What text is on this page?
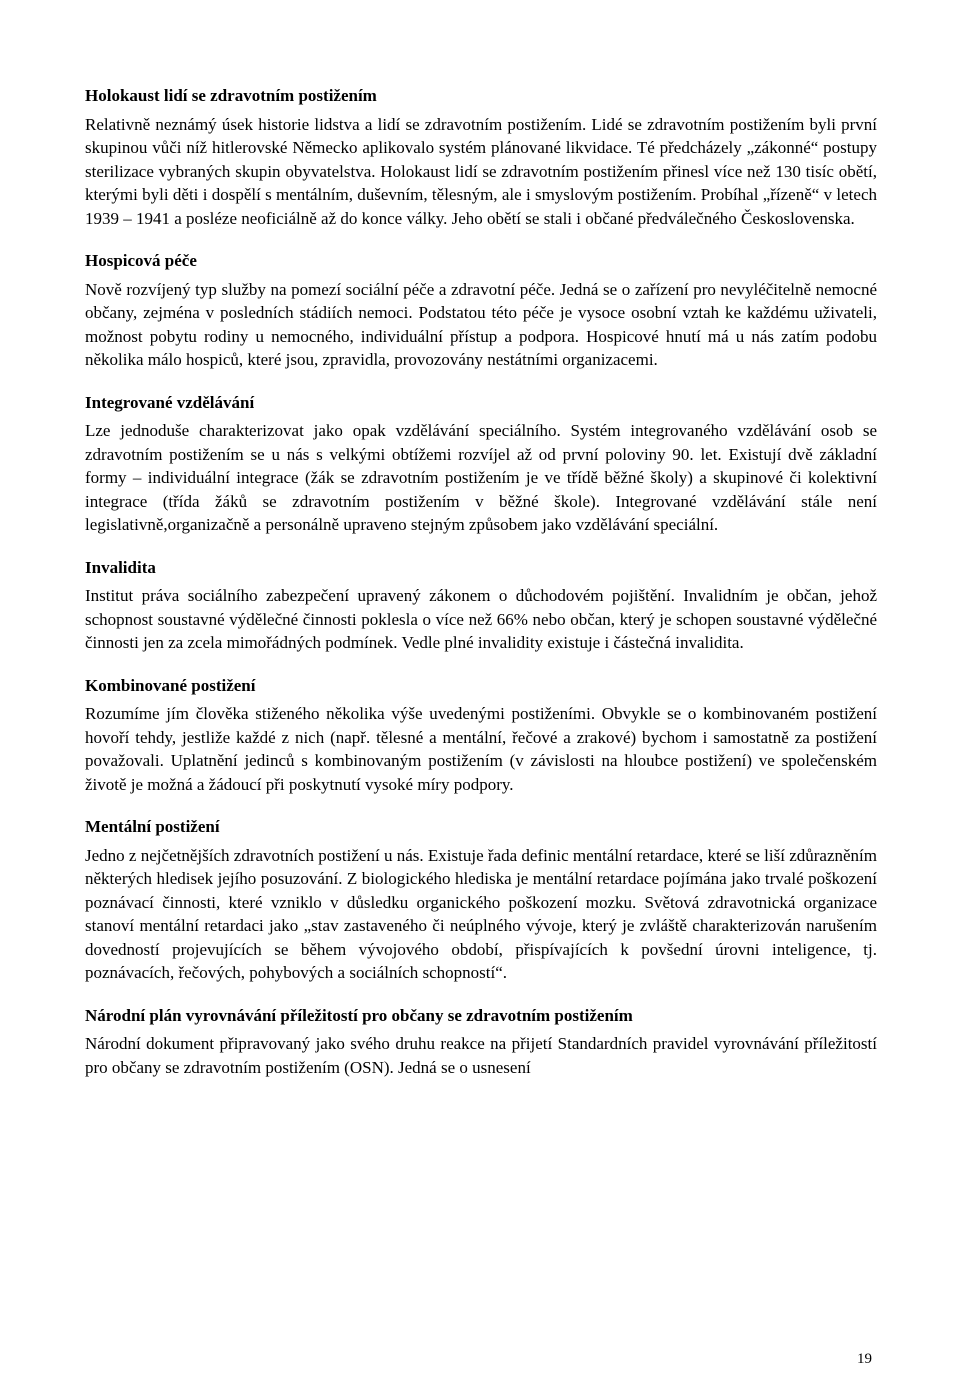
Holokaust lidí se zdravotním postižením

Relativně neznámý úsek historie lidstva a lidí se zdravotním postižením. Lidé se zdravotním postižením byli první skupinou vůči níž hitlerovské Německo aplikovalo systém plánované likvidace. Té předcházely „zákonné“ postupy sterilizace vybraných skupin obyvatelstva. Holokaust lidí se zdravotním postižením přinesl více než 130 tisíc obětí, kterými byli děti i dospělí s mentálním, duševním, tělesným, ale i smyslovým postižením. Probíhal „řízeně“ v letech 1939 – 1941 a posléze neoficiálně až do konce války. Jeho obětí se stali i občané předválečného Československa.

Hospicová péče

Nově rozvíjený typ služby na pomezí sociální péče a zdravotní péče. Jedná se o zařízení pro nevyléčitelně nemocné občany, zejména v posledních stádiích nemoci. Podstatou této péče je vysoce osobní vztah ke každému uživateli, možnost pobytu rodiny u nemocného, individuální přístup a podpora. Hospicové hnutí má u nás zatím podobu několika málo hospiců, které jsou, zpravidla, provozovány nestátními organizacemi.

Integrované vzdělávání

Lze jednoduše charakterizovat jako opak vzdělávání speciálního. Systém integrovaného vzdělávání osob se zdravotním postižením se u nás s velkými obtížemi rozvíjel až od první poloviny 90. let. Existují dvě základní formy – individuální integrace (žák se zdravotním postižením je ve třídě běžné školy) a skupinové či kolektivní integrace (třída žáků se zdravotním postižením v běžné škole). Integrované vzdělávání stále není legislativně,organizačně a personálně upraveno stejným způsobem jako vzdělávání speciální.

Invalidita

Institut práva sociálního zabezpečení upravený zákonem o důchodovém pojištění. Invalidním je občan, jehož schopnost soustavné výdělečné činnosti poklesla o více než 66% nebo občan, který je schopen soustavné výdělečné činnosti jen za zcela mimořádných podmínek. Vedle plné invalidity existuje i částečná invalidita.

Kombinované postižení

Rozumíme jím člověka stiženého několika výše uvedenými postiženími. Obvykle se o kombinovaném postižení hovoří tehdy, jestliže každé z nich (např. tělesné a mentální, řečové a zrakové) bychom i samostatně za postižení považovali. Uplatnění jedinců s kombinovaným postižením (v závislosti na hloubce postižení) ve společenském životě je možná a žádoucí při poskytnutí vysoké míry podpory.

Mentální postižení

Jedno z nejčetnějších zdravotních postižení u nás. Existuje řada definic mentální retardace, které se liší zdůrazněním některých hledisek jejího posuzování. Z biologického hlediska je mentální retardace pojímána jako trvalé poškození poznávací činnosti, které vzniklo v důsledku organického poškození mozku. Světová zdravotnická organizace stanoví mentální retardaci jako „stav zastaveného či neúplného vývoje, který je zvláště charakterizován narušením dovedností projevujících se během vývojového období, přispívajících k povšední úrovni inteligence, tj. poznávacích, řečových, pohybových a sociálních schopností“.

Národní plán vyrovnávání příležitostí pro občany se zdravotním postižením

Národní dokument připravovaný jako svého druhu reakce na přijetí Standardních pravidel vyrovnávání příležitostí pro občany se zdravotním postižením (OSN). Jedná se o usnesení

19
